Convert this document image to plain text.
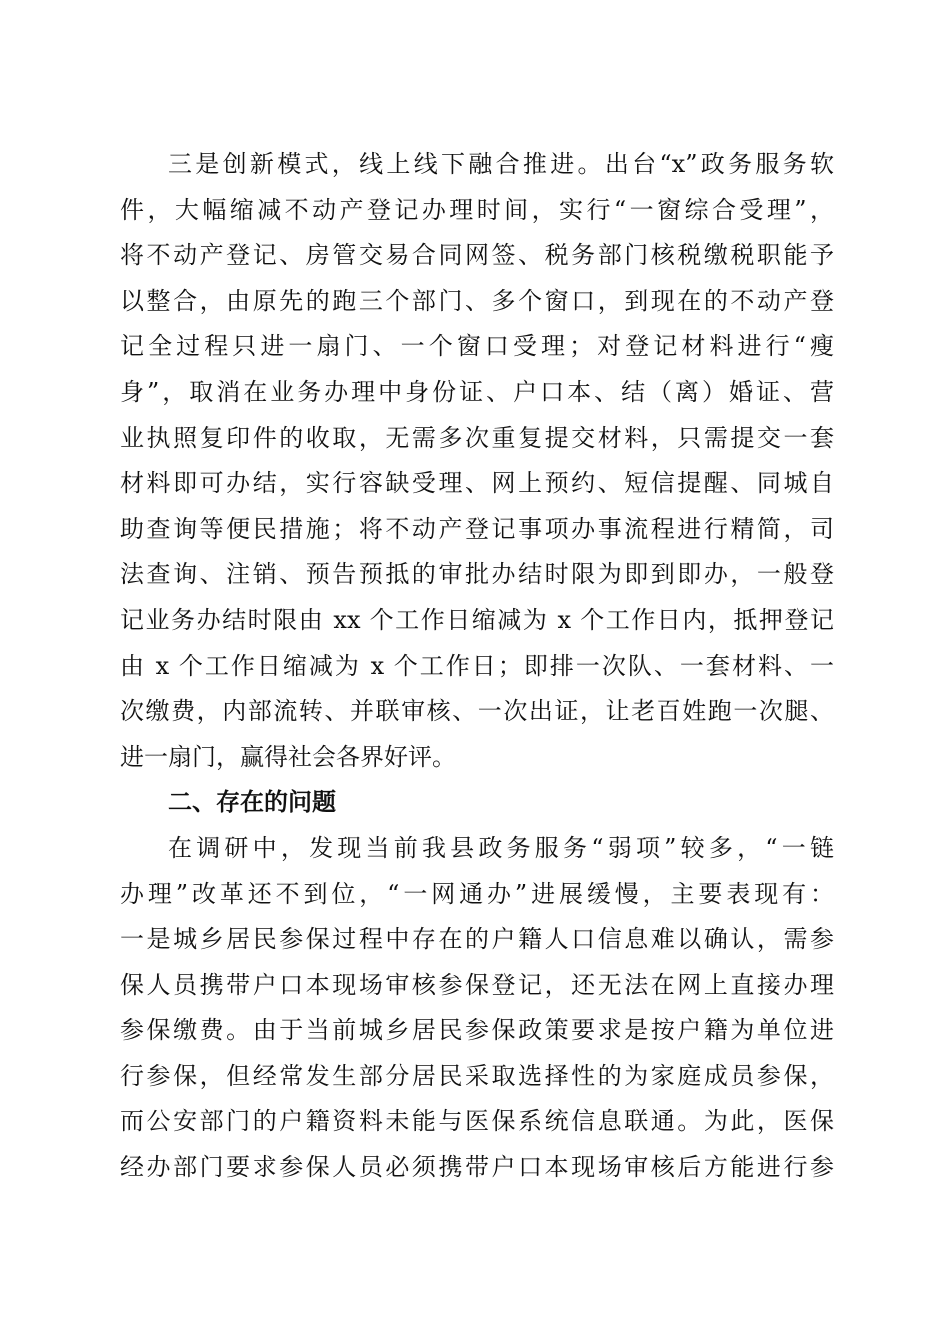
三是创新模式，线上线下融合推进。出台“x”政务服务软
件，大幅缩减不动产登记办理时间，实行“一窗综合受理”，
将不动产登记、房管交易合同网签、税务部门核税缴税职能予
以整合，由原先的跑三个部门、多个窗口，到现在的不动产登
记全过程只进一扇门、一个窗口受理；对登记材料进行“瘦
身”，取消在业务办理中身份证、户口本、结（离）婚证、营
业执照复印件的收取，无需多次重复提交材料，只需提交一套
材料即可办结，实行容缺受理、网上预约、短信提醒、同城自
助查询等便民措施；将不动产登记事项办事流程进行精简，司
法查询、注销、预告预抵的审批办结时限为即到即办，一般登
记业务办结时限由 xx 个工作日缩减为 x 个工作日内，抵押登记
由 x 个工作日缩减为 x 个工作日；即排一次队、一套材料、一
次缴费，内部流转、并联审核、一次出证，让老百姓跑一次腿、
进一扇门，赢得社会各界好评。
二、存在的问题
在调研中，发现当前我县政务服务“弱项”较多，“一链
办理”改革还不到位，“一网通办”进展缓慢，主要表现有：
一是城乡居民参保过程中存在的户籍人口信息难以确认，需参
保人员携带户口本现场审核参保登记，还无法在网上直接办理
参保缴费。由于当前城乡居民参保政策要求是按户籍为单位进
行参保，但经常发生部分居民采取选择性的为家庭成员参保，
而公安部门的户籍资料未能与医保系统信息联通。为此，医保
经办部门要求参保人员必须携带户口本现场审核后方能进行参
